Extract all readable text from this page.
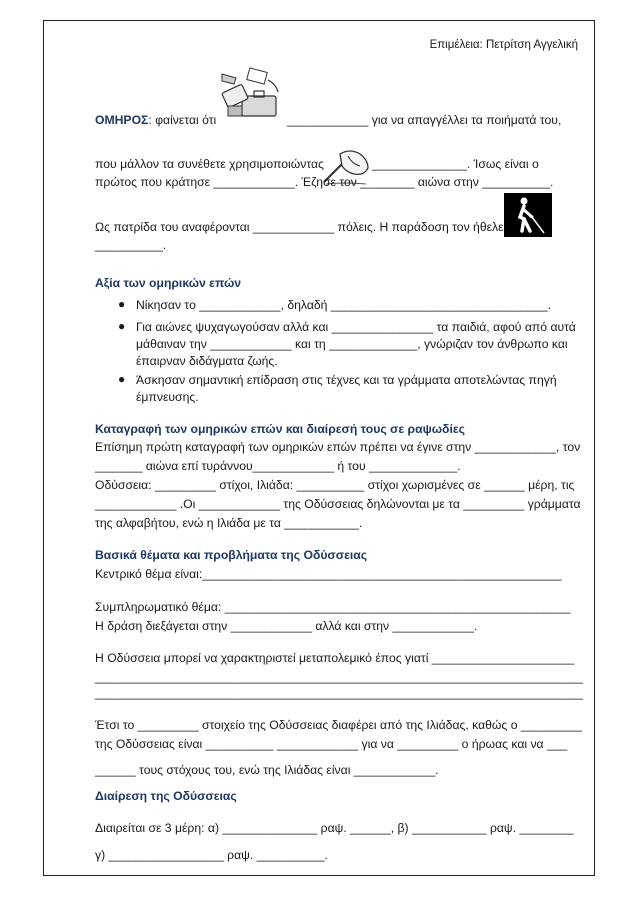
Επιμέλεια: Πετρίτση Αγγελική
ΟΜΗΡΟΣ: φαίνεται ότι	____________ για να απαγγέλλει τα ποιήματά του,
που μάλλον τα συνέθετε χρησιμοποιώντας	______________. Ίσως είναι ο
πρώτος που κράτησε ____________. Έζησε τον ________ αιώνα στην __________.
Ως πατρίδα του αναφέρονται ____________ πόλεις. Η παράδοση τον ήθελε
__________.
Αξία των ομηρικών επών
● Νίκησαν το ____________, δηλαδή ________________________________.
● Για αιώνες ψυχαγωγούσαν αλλά και _______________ τα παιδιά, αφού από αυτά
μάθαιναν την ____________ και τη _____________, γνώριζαν τον άνθρωπο και
έπαιρναν διδάγματα ζωής.
● Άσκησαν σημαντική επίδραση στις τέχνες και τα γράμματα αποτελώντας πηγή
έμπνευσης.
Καταγραφή των ομηρικών επών και διαίρεσή τους σε ραψωδίες
Επίσημη πρώτη καταγραφή των ομηρικών επών πρέπει να έγινε στην ____________, τον
_______ αιώνα επί τυράννου____________ ή του _____________.
Οδύσσεια: _________ στίχοι, Ιλιάδα: __________ στίχοι χωρισμένες σε ______ μέρη, τις
____________ .Οι ____________ της Οδύσσειας δηλώνονται με τα _________ γράμματα
της αλφαβήτου, ενώ η Ιλιάδα με τα ___________.
Βασικά θέματα και προβλήματα της Οδύσσειας
Κεντρικό θέμα είναι:_____________________________________________________
Συμπληρωματικό θέμα: ___________________________________________________
Η δράση διεξάγεται στην ____________ αλλά και στην ____________.
Η Οδύσσεια μπορεί να χαρακτηριστεί μεταπολεμικό έπος γιατί _____________________
________________________________________________________________________
________________________________________________________________________
Έτσι το _________ στοιχείο της Οδύσσειας διαφέρει από της Ιλιάδας, καθώς ο _________
της Οδύσσειας είναι __________ ____________ για να _________ ο ήρωας και να ___
______ τους στόχους του, ενώ της Ιλιάδας είναι ____________.
Διαίρεση της Οδύσσειας
Διαιρείται σε 3 μέρη: α) ______________ ραψ. ______, β) ___________ ραψ. ________
γ) _________________ ραψ. __________.
